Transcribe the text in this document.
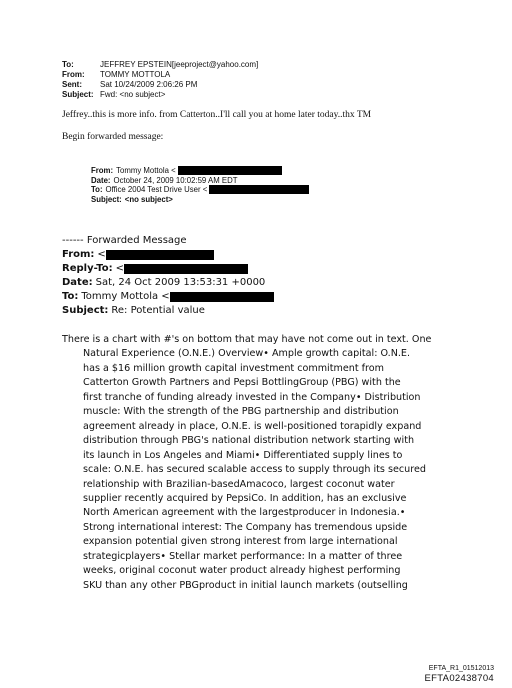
To:	JEFFREY EPSTEIN[jeeproject@yahoo.com]
From:	TOMMY MOTTOLA
Sent:	Sat 10/24/2009 2:06:26 PM
Subject: Fwd: <no subject>
Jeffrey..this is more info. from Catterton..I'll call you at home later today..thx TM
Begin forwarded message:
From: Tommy Mottola <
Date: October 24, 2009 10:02:59 AM EDT
To: Office 2004 Test Drive User <
Subject: <no subject>
------ Forwarded Message
From: <
Reply-To: <
Date: Sat, 24 Oct 2009 13:53:31 +0000
To: Tommy Mottola <
Subject: Re: Potential value
There is a chart with #'s on bottom that may have not come out in text. One
Natural Experience (O.N.E.) Overview• Ample growth capital: O.N.E.
has a $16 million growth capital investment commitment from
Catterton Growth Partners and Pepsi BottlingGroup (PBG) with the
first tranche of funding already invested in the Company• Distribution
muscle: With the strength of the PBG partnership and distribution
agreement already in place, O.N.E. is well-positioned torapidly expand
distribution through PBG's national distribution network starting with
its launch in Los Angeles and Miami• Differentiated supply lines to
scale: O.N.E. has secured scalable access to supply through its secured
relationship with Brazilian-basedAmacoco, largest coconut water
supplier recently acquired by PepsiCo. In addition, has an exclusive
North American agreement with the largestproducer in Indonesia.•
Strong international interest: The Company has tremendous upside
expansion potential given strong interest from large international
strategicplayers• Stellar market performance: In a matter of three
weeks, original coconut water product already highest performing
SKU than any other PBGproduct in initial launch markets (outselling
EFTA_R1_01512013
EFTA02438704
